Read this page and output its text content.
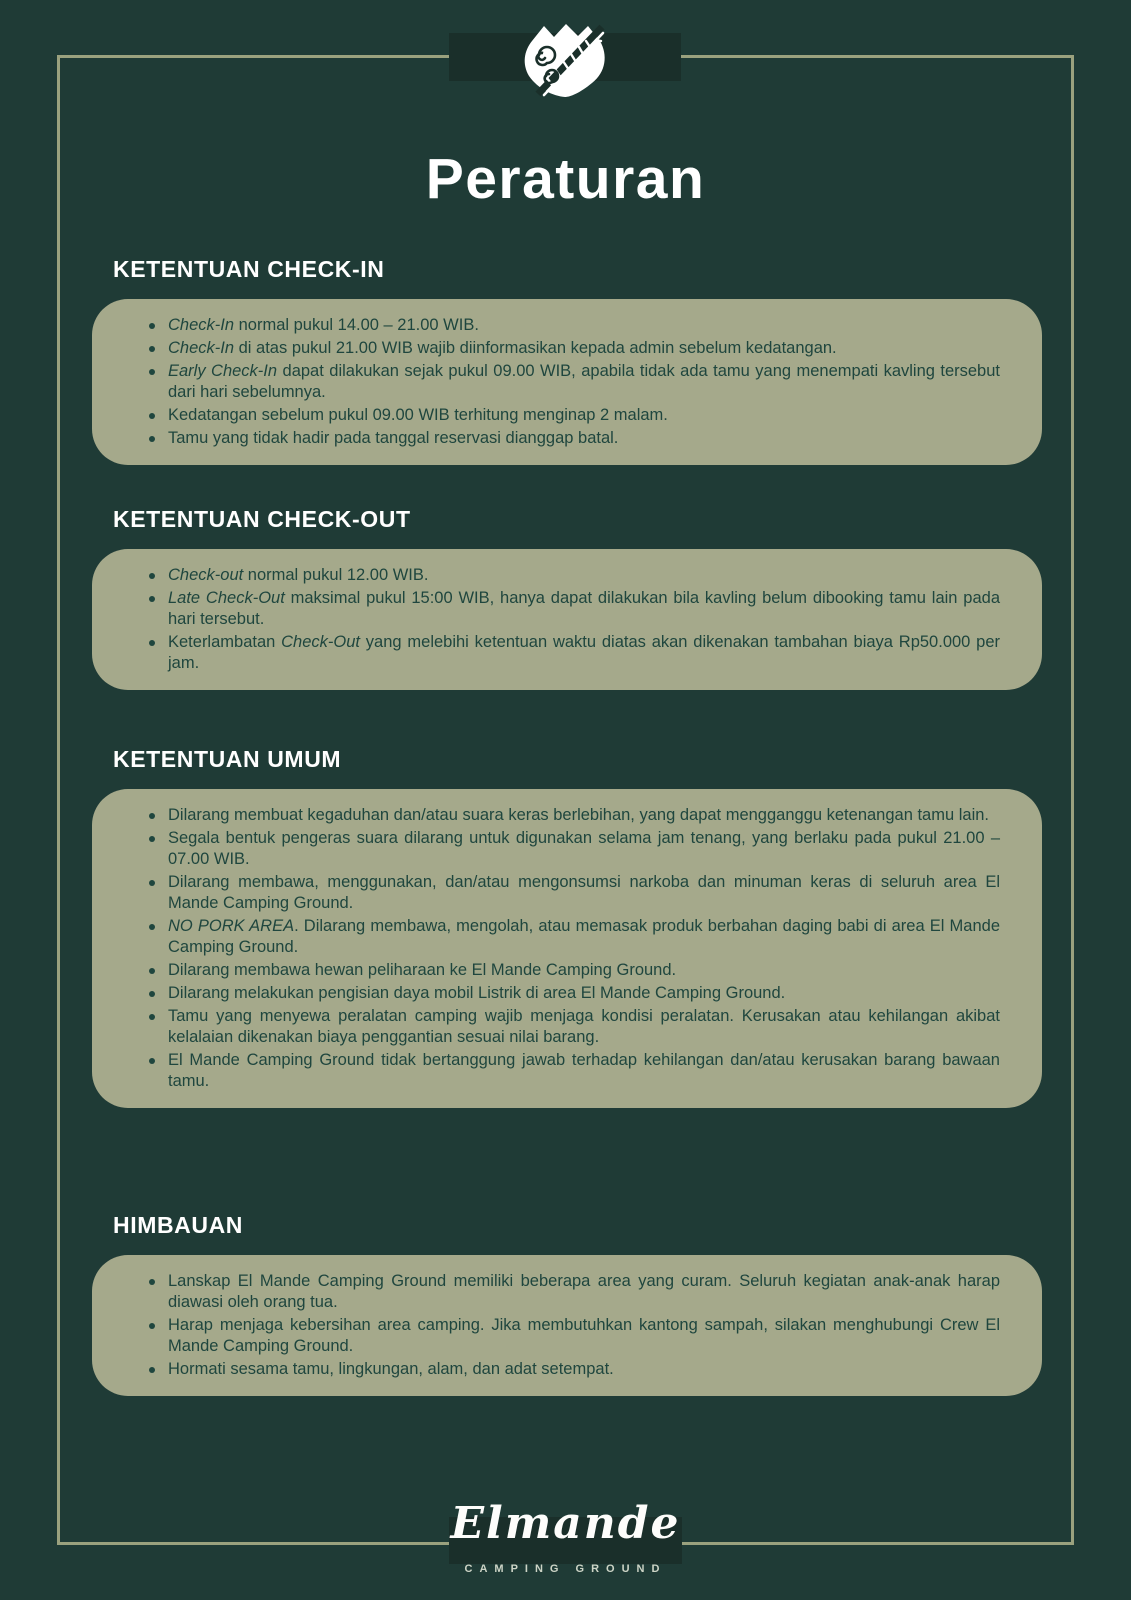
Peraturan
KETENTUAN CHECK-IN
Check-In normal pukul 14.00 – 21.00 WIB.
Check-In di atas pukul 21.00 WIB wajib diinformasikan kepada admin sebelum kedatangan.
Early Check-In dapat dilakukan sejak pukul 09.00 WIB, apabila tidak ada tamu yang menempati kavling tersebut dari hari sebelumnya.
Kedatangan sebelum pukul 09.00 WIB terhitung menginap 2 malam.
Tamu yang tidak hadir pada tanggal reservasi dianggap batal.
KETENTUAN CHECK-OUT
Check-out normal pukul 12.00 WIB.
Late Check-Out maksimal pukul 15:00 WIB, hanya dapat dilakukan bila kavling belum dibooking tamu lain pada hari tersebut.
Keterlambatan Check-Out yang melebihi ketentuan waktu diatas akan dikenakan tambahan biaya Rp50.000 per jam.
KETENTUAN UMUM
Dilarang membuat kegaduhan dan/atau suara keras berlebihan, yang dapat mengganggu ketenangan tamu lain.
Segala bentuk pengeras suara dilarang untuk digunakan selama jam tenang, yang berlaku pada pukul 21.00 – 07.00 WIB.
Dilarang membawa, menggunakan, dan/atau mengonsumsi narkoba dan minuman keras di seluruh area El Mande Camping Ground.
NO PORK AREA. Dilarang membawa, mengolah, atau memasak produk berbahan daging babi di area El Mande Camping Ground.
Dilarang membawa hewan peliharaan ke El Mande Camping Ground.
Dilarang melakukan pengisian daya mobil Listrik di area El Mande Camping Ground.
Tamu yang menyewa peralatan camping wajib menjaga kondisi peralatan. Kerusakan atau kehilangan akibat kelalaian dikenakan biaya penggantian sesuai nilai barang.
El Mande Camping Ground tidak bertanggung jawab terhadap kehilangan dan/atau kerusakan barang bawaan tamu.
HIMBAUAN
Lanskap El Mande Camping Ground memiliki beberapa area yang curam. Seluruh kegiatan anak-anak harap diawasi oleh orang tua.
Harap menjaga kebersihan area camping. Jika membutuhkan kantong sampah, silakan menghubungi Crew El Mande Camping Ground.
Hormati sesama tamu, lingkungan, alam, dan adat setempat.
Elmande
CAMPING GROUND
